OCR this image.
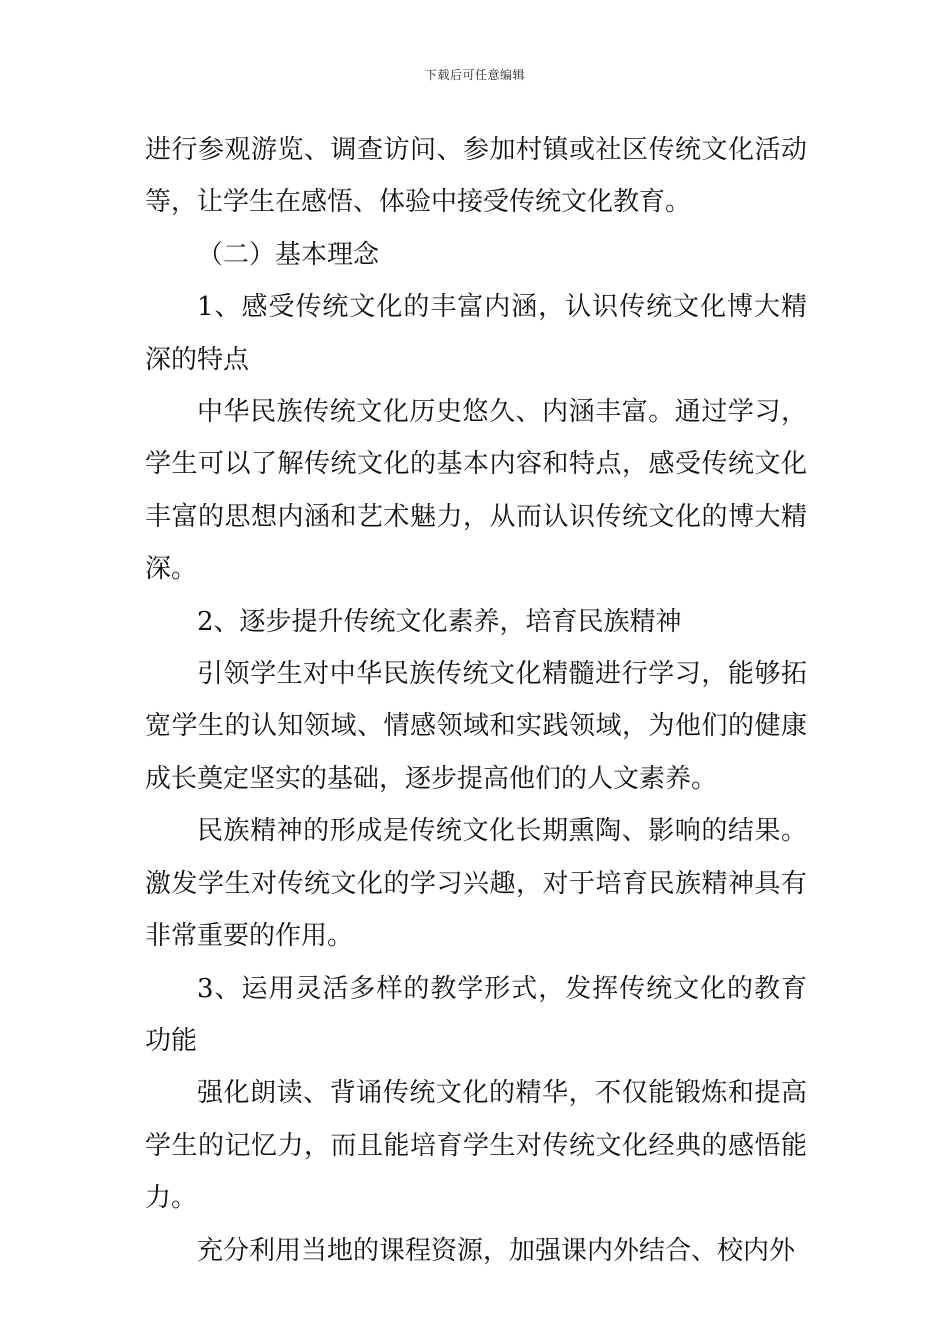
下载后可任意编辑

进行参观游览、调查访问、参加村镇或社区传统文化活动等，让学生在感悟、体验中接受传统文化教育。

（二）基本理念

1、感受传统文化的丰富内涵，认识传统文化博大精深的特点

中华民族传统文化历史悠久、内涵丰富。通过学习，学生可以了解传统文化的基本内容和特点，感受传统文化丰富的思想内涵和艺术魅力，从而认识传统文化的博大精深。

2、逐步提升传统文化素养，培育民族精神

引领学生对中华民族传统文化精髓进行学习，能够拓宽学生的认知领域、情感领域和实践领域，为他们的健康成长奠定坚实的基础，逐步提高他们的人文素养。

民族精神的形成是传统文化长期熏陶、影响的结果。激发学生对传统文化的学习兴趣，对于培育民族精神具有非常重要的作用。

3、运用灵活多样的教学形式，发挥传统文化的教育功能

强化朗读、背诵传统文化的精华，不仅能锻炼和提高学生的记忆力，而且能培育学生对传统文化经典的感悟能力。

充分利用当地的课程资源，加强课内外结合、校内外
